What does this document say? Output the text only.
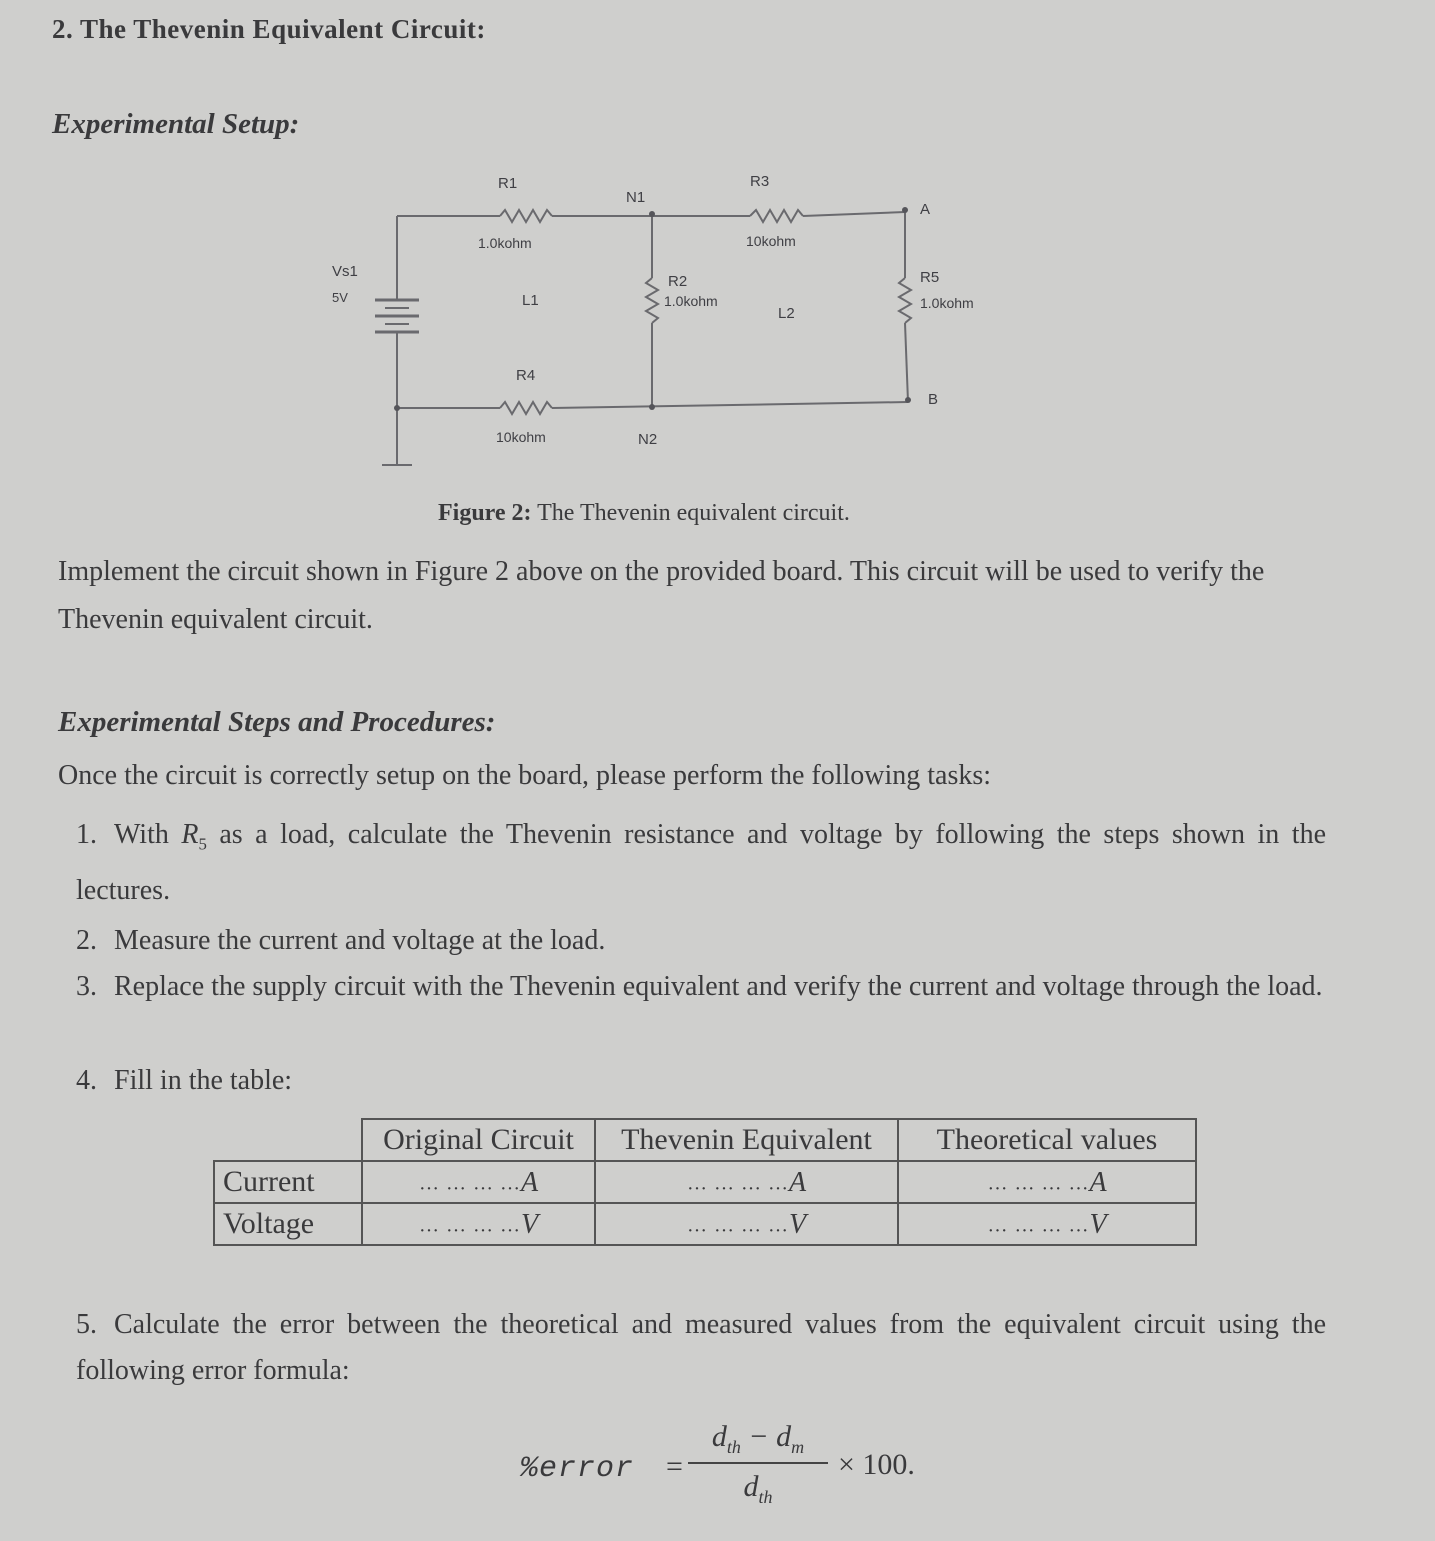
2. The Thevenin Equivalent Circuit:
Experimental Setup:
R1
1.0kohm
N1
R3
10kohm
A
Vs1
5V	L1
R2
1.0kohm
L2
R5
1.0kohm
R4
10kohm	N2
B
Figure 2: The Thevenin equivalent circuit.
Implement the circuit shown in Figure 2 above on the provided board. This circuit will be used to verify the Thevenin equivalent circuit.
Experimental Steps and Procedures:
Once the circuit is correctly setup on the board, please perform the following tasks:
1. With $R_5$ as a load, calculate the Thevenin resistance and voltage by following the steps shown in the lectures.
2. Measure the current and voltage at the load.
3. Replace the supply circuit with the Thevenin equivalent and verify the current and voltage through the load.
4. Fill in the table:
	Original Circuit	Thevenin Equivalent	Theoretical values
Current	… … … …A	… … … …A	… … … …A
Voltage	… … … …V	… … … …V	… … … …V
5. Calculate the error between the theoretical and measured values from the equivalent circuit using the following error formula:
%error =
$d_{th} - d_m$
$d_{th}$
× 100.
